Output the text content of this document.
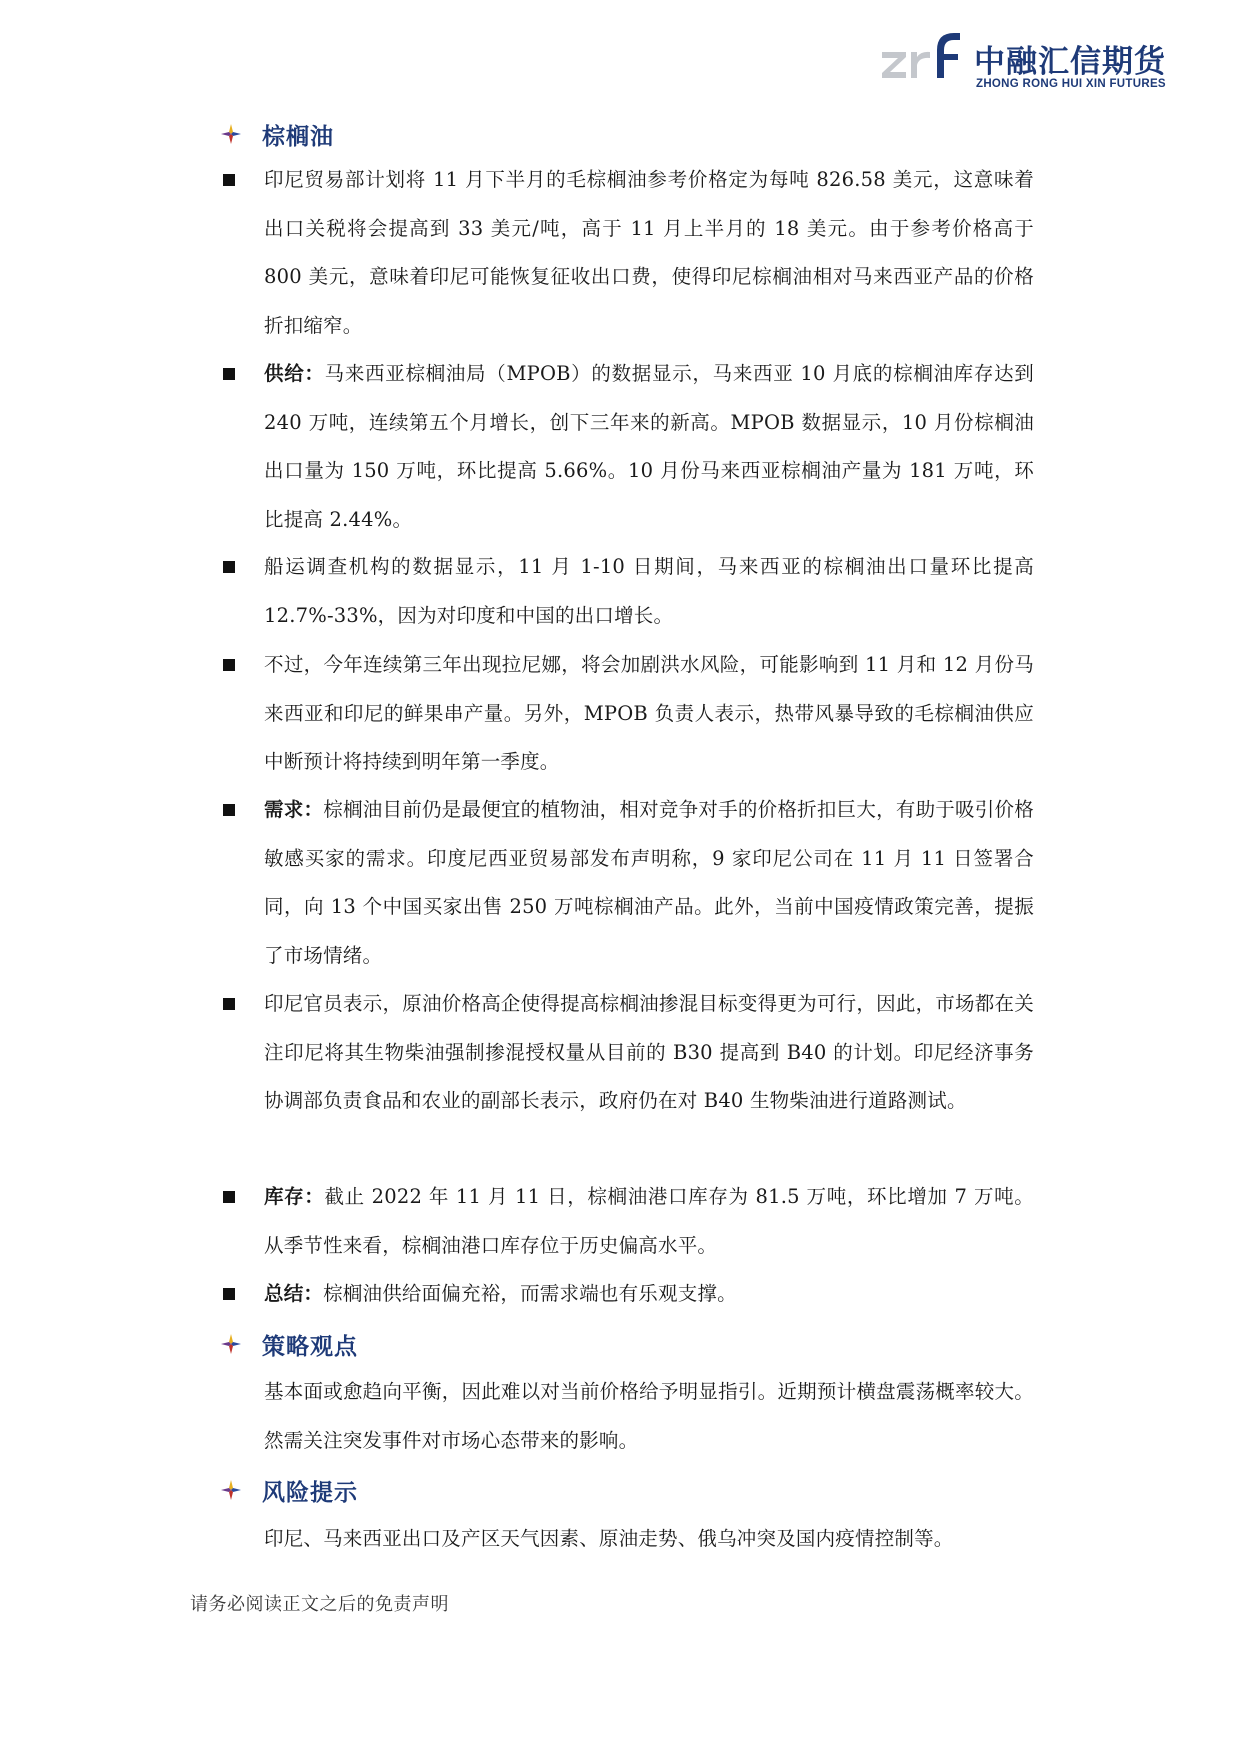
中融汇信期货
ZHONG RONG HUI XIN FUTURES
棕榈油
印尼贸易部计划将 11 月下半月的毛棕榈油参考价格定为每吨 826.58 美元，这意味着出口关税将会提高到 33 美元/吨，高于 11 月上半月的 18 美元。由于参考价格高于 800 美元，意味着印尼可能恢复征收出口费，使得印尼棕榈油相对马来西亚产品的价格折扣缩窄。
供给：马来西亚棕榈油局（MPOB）的数据显示，马来西亚 10 月底的棕榈油库存达到 240 万吨，连续第五个月增长，创下三年来的新高。MPOB 数据显示，10 月份棕榈油出口量为 150 万吨，环比提高 5.66%。10 月份马来西亚棕榈油产量为 181 万吨，环比提高 2.44%。
船运调查机构的数据显示，11 月 1-10 日期间，马来西亚的棕榈油出口量环比提高 12.7%-33%，因为对印度和中国的出口增长。
不过，今年连续第三年出现拉尼娜，将会加剧洪水风险，可能影响到 11 月和 12 月份马来西亚和印尼的鲜果串产量。另外，MPOB 负责人表示，热带风暴导致的毛棕榈油供应中断预计将持续到明年第一季度。
需求：棕榈油目前仍是最便宜的植物油，相对竞争对手的价格折扣巨大，有助于吸引价格敏感买家的需求。印度尼西亚贸易部发布声明称，9 家印尼公司在 11 月 11 日签署合同，向 13 个中国买家出售 250 万吨棕榈油产品。此外，当前中国疫情政策完善，提振了市场情绪。
印尼官员表示，原油价格高企使得提高棕榈油掺混目标变得更为可行，因此，市场都在关注印尼将其生物柴油强制掺混授权量从目前的 B30 提高到 B40 的计划。印尼经济事务协调部负责食品和农业的副部长表示，政府仍在对 B40 生物柴油进行道路测试。
库存：截止 2022 年 11 月 11 日，棕榈油港口库存为 81.5 万吨，环比增加 7 万吨。从季节性来看，棕榈油港口库存位于历史偏高水平。
总结：棕榈油供给面偏充裕，而需求端也有乐观支撑。
策略观点
基本面或愈趋向平衡，因此难以对当前价格给予明显指引。近期预计横盘震荡概率较大。然需关注突发事件对市场心态带来的影响。
风险提示
印尼、马来西亚出口及产区天气因素、原油走势、俄乌冲突及国内疫情控制等。
请务必阅读正文之后的免责声明
